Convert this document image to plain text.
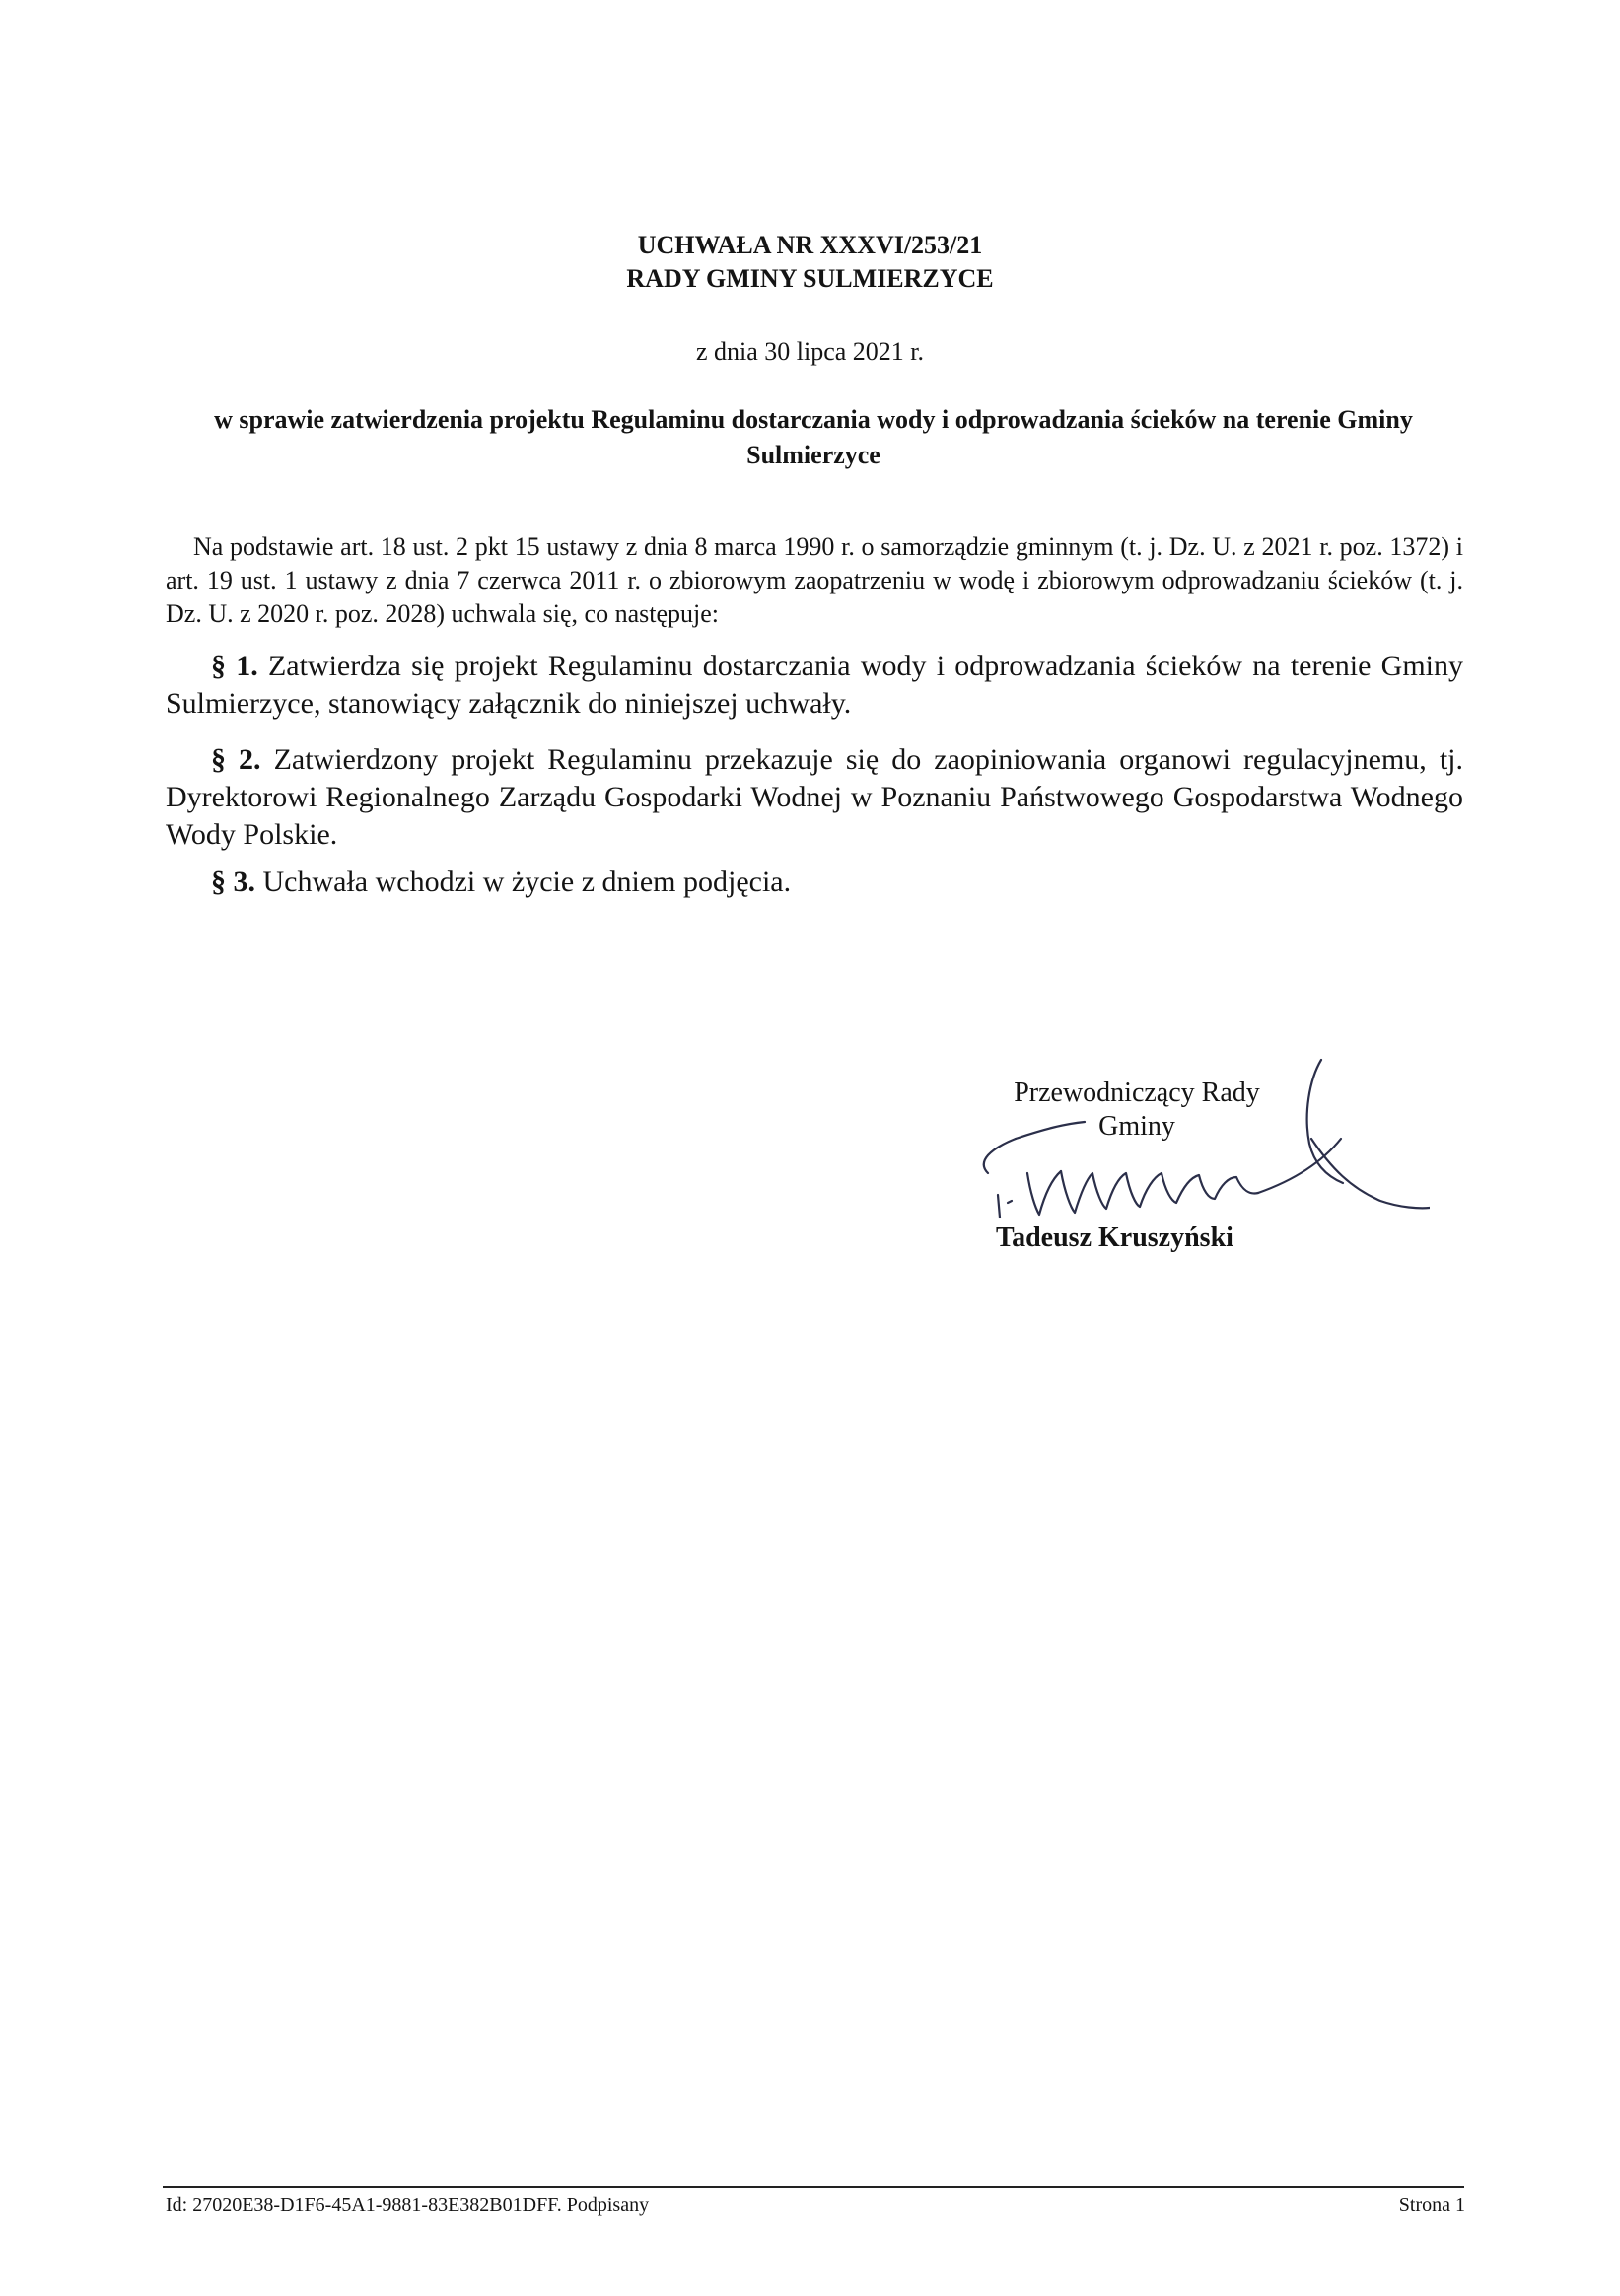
UCHWAŁA NR XXXVI/253/21
RADY GMINY SULMIERZYCE
z dnia 30 lipca 2021 r.
w sprawie zatwierdzenia projektu Regulaminu dostarczania wody i odprowadzania ścieków na terenie Gminy Sulmierzyce

Na podstawie art. 18 ust. 2 pkt 15 ustawy z dnia 8 marca 1990 r. o samorządzie gminnym (t. j. Dz. U. z 2021 r. poz. 1372) i art. 19 ust. 1 ustawy z dnia 7 czerwca 2011 r. o zbiorowym zaopatrzeniu w wodę i zbiorowym odprowadzaniu ścieków (t. j. Dz. U. z 2020 r. poz. 2028) uchwala się, co następuje:

§ 1. Zatwierdza się projekt Regulaminu dostarczania wody i odprowadzania ścieków na terenie Gminy Sulmierzyce, stanowiący załącznik do niniejszej uchwały.

§ 2. Zatwierdzony projekt Regulaminu przekazuje się do zaopiniowania organowi regulacyjnemu, tj. Dyrektorowi Regionalnego Zarządu Gospodarki Wodnej w Poznaniu Państwowego Gospodarstwa Wodnego Wody Polskie.

§ 3. Uchwała wchodzi w życie z dniem podjęcia.

Przewodniczący Rady
Gminy
Tadeusz Kruszyński
Id: 27020E38-D1F6-45A1-9881-83E382B01DFF. Podpisany	Strona 1
